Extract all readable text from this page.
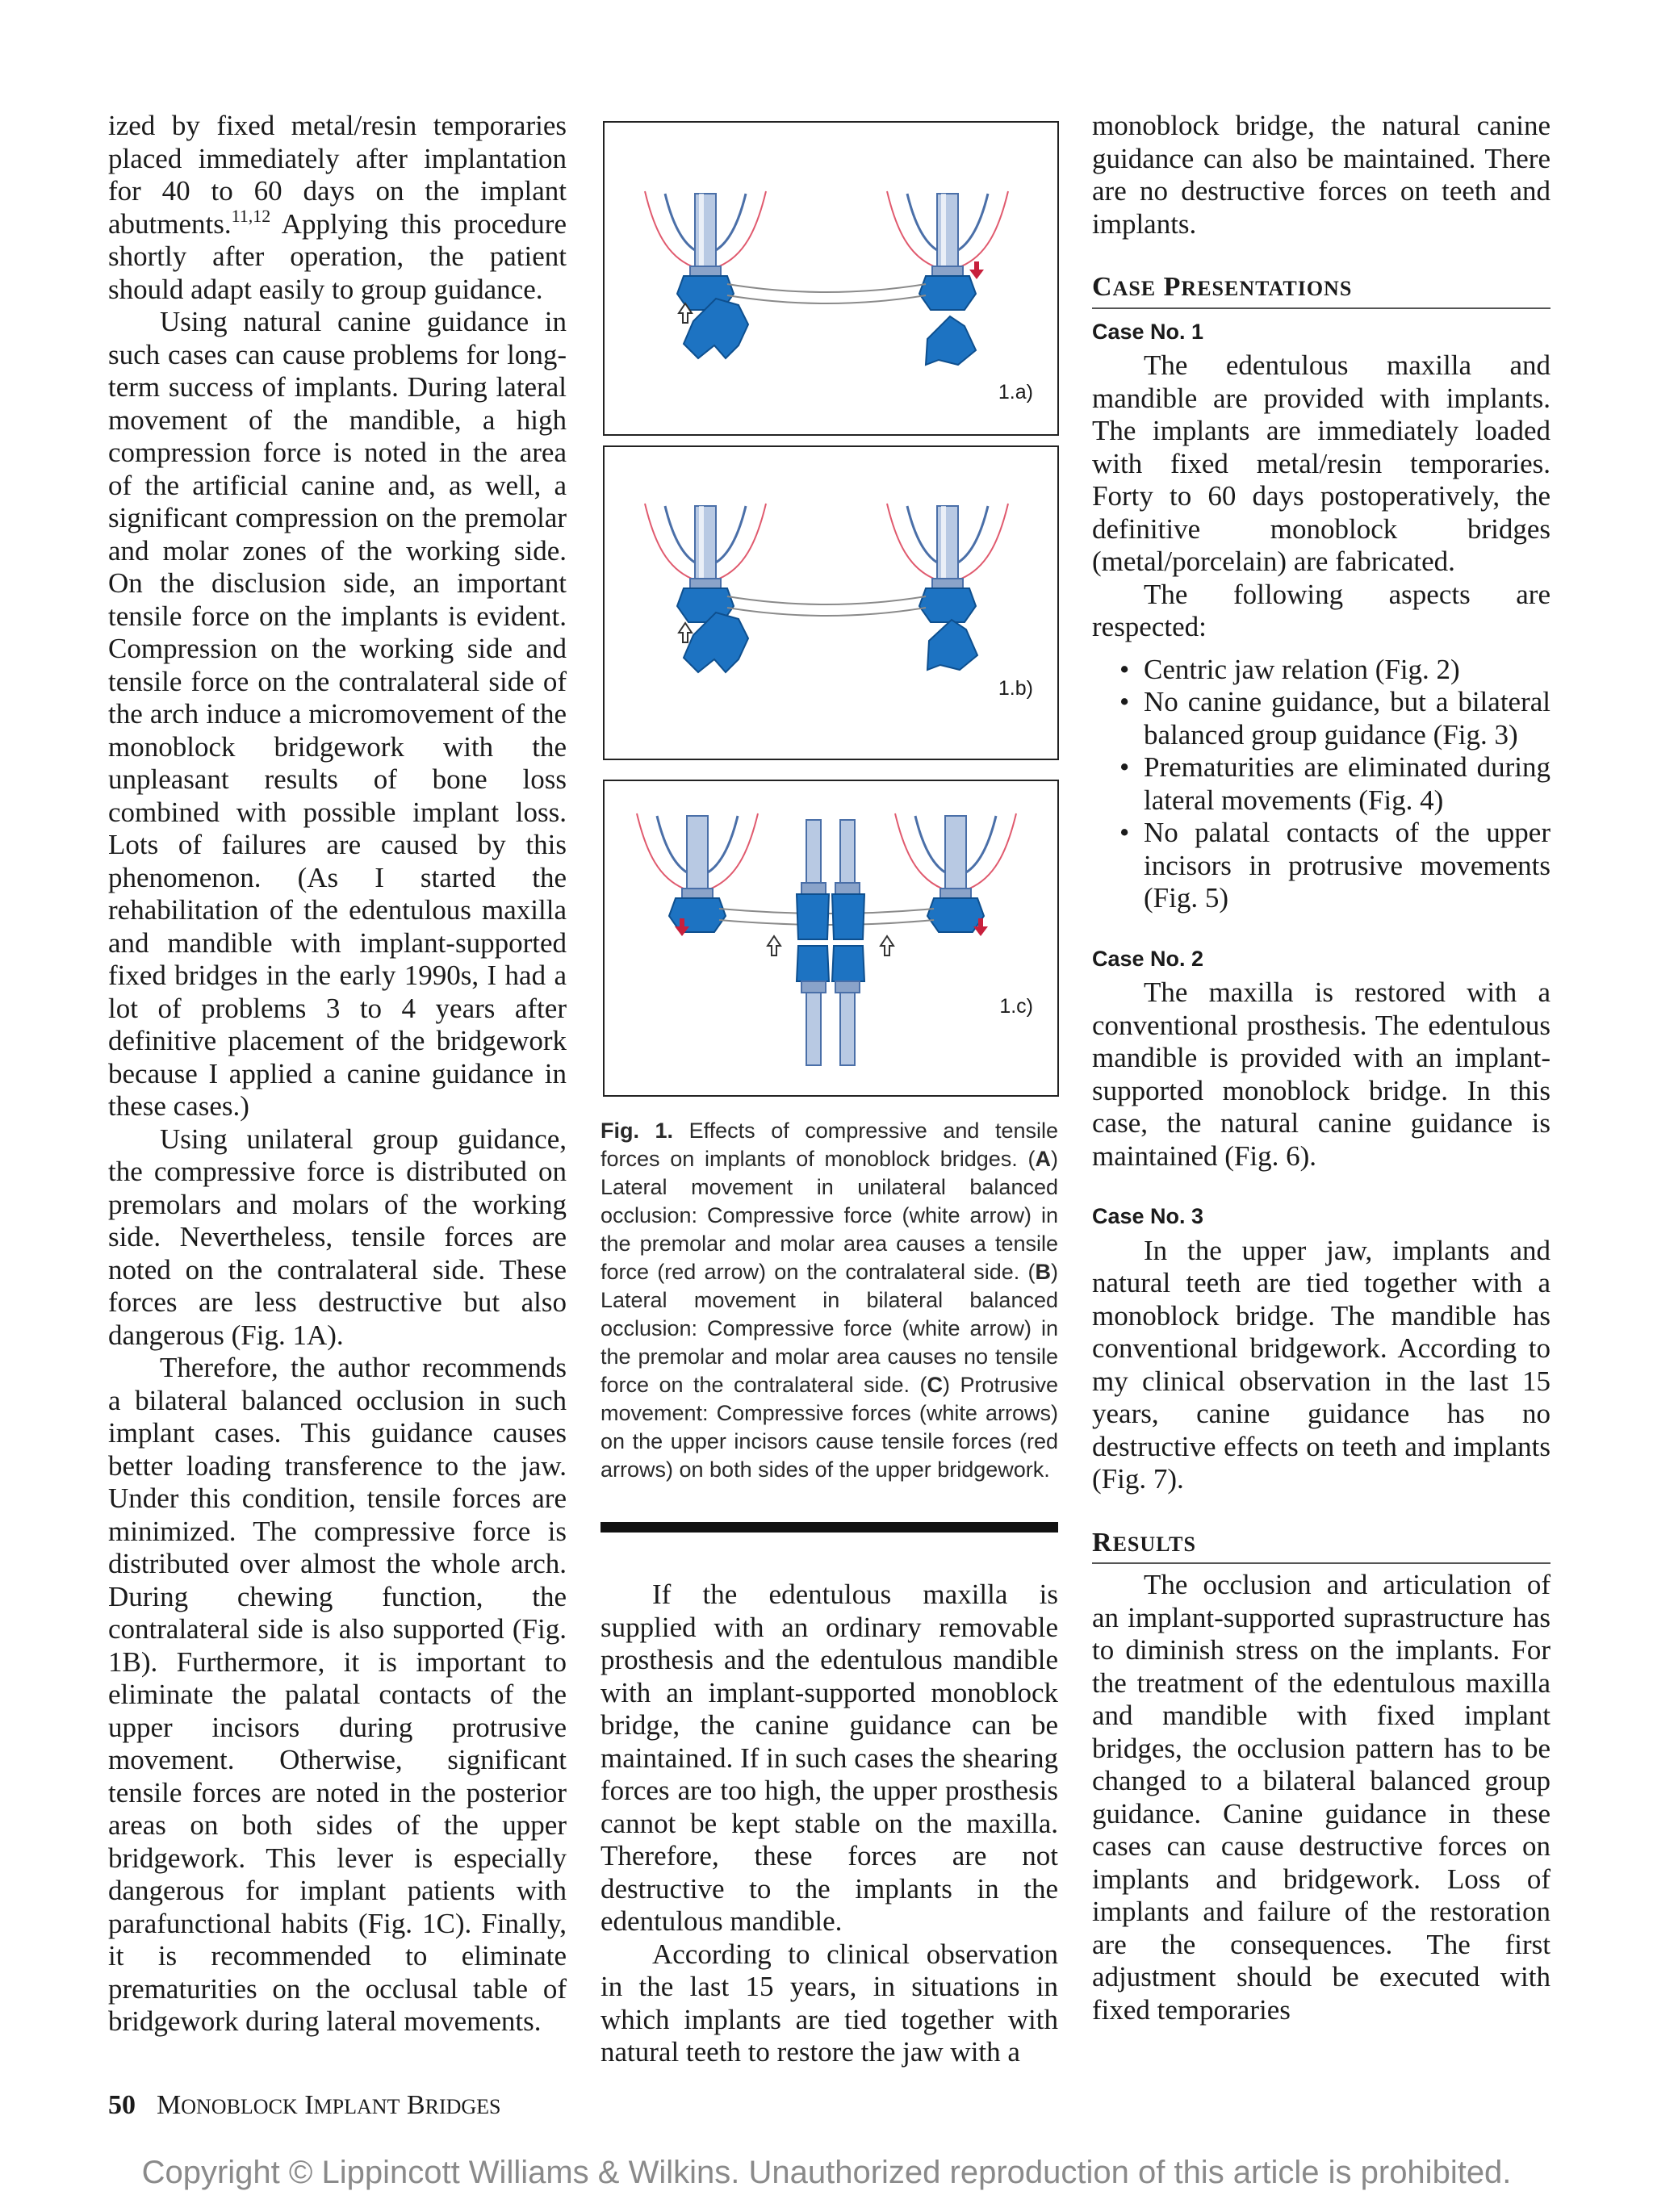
ized by fixed metal/resin temporaries placed immediately after implantation for 40 to 60 days on the implant abutments.$^{11,12}$ Applying this procedure shortly after operation, the patient should adapt easily to group guidance.

Using natural canine guidance in such cases can cause problems for long-term success of implants. During lateral movement of the mandible, a high compression force is noted in the area of the artificial canine and, as well, a significant compression on the premolar and molar zones of the working side. On the disclusion side, an important tensile force on the implants is evident. Compression on the working side and tensile force on the contralateral side of the arch induce a micromovement of the monoblock bridgework with the unpleasant results of bone loss combined with possible implant loss. Lots of failures are caused by this phenomenon. (As I started the rehabilitation of the edentulous maxilla and mandible with implant-supported fixed bridges in the early 1990s, I had a lot of problems 3 to 4 years after definitive placement of the bridgework because I applied a canine guidance in these cases.)

Using unilateral group guidance, the compressive force is distributed on premolars and molars of the working side. Nevertheless, tensile forces are noted on the contralateral side. These forces are less destructive but also dangerous (Fig. 1A).

Therefore, the author recommends a bilateral balanced occlusion in such implant cases. This guidance causes better loading transference to the jaw. Under this condition, tensile forces are minimized. The compressive force is distributed over almost the whole arch. During chewing function, the contralateral side is also supported (Fig. 1B). Furthermore, it is important to eliminate the palatal contacts of the upper incisors during protrusive movement. Otherwise, significant tensile forces are noted in the posterior areas on both sides of the upper bridgework. This lever is especially dangerous for implant patients with parafunctional habits (Fig. 1C). Finally, it is recommended to eliminate prematurities on the occlusal table of bridgework during lateral movements.

1.a)
1.b)
1.c)
Fig. 1. Effects of compressive and tensile forces on implants of monoblock bridges. (A) Lateral movement in unilateral balanced occlusion: Compressive force (white arrow) in the premolar and molar area causes a tensile force (red arrow) on the contralateral side. (B) Lateral movement in bilateral balanced occlusion: Compressive force (white arrow) in the premolar and molar area causes no tensile force on the contralateral side. (C) Protrusive movement: Compressive forces (white arrows) on the upper incisors cause tensile forces (red arrows) on both sides of the upper bridgework.

If the edentulous maxilla is supplied with an ordinary removable prosthesis and the edentulous mandible with an implant-supported monoblock bridge, the canine guidance can be maintained. If in such cases the shearing forces are too high, the upper prosthesis cannot be kept stable on the maxilla. Therefore, these forces are not destructive to the implants in the edentulous mandible.

According to clinical observation in the last 15 years, in situations in which implants are tied together with natural teeth to restore the jaw with a

monoblock bridge, the natural canine guidance can also be maintained. There are no destructive forces on teeth and implants.

CASE PRESENTATIONS

Case No. 1

The edentulous maxilla and mandible are provided with implants. The implants are immediately loaded with fixed metal/resin temporaries. Forty to 60 days postoperatively, the definitive monoblock bridges (metal/porcelain) are fabricated.

The following aspects are respected:

• Centric jaw relation (Fig. 2)
• No canine guidance, but a bilateral balanced group guidance (Fig. 3)
• Prematurities are eliminated during lateral movements (Fig. 4)
• No palatal contacts of the upper incisors in protrusive movements (Fig. 5)

Case No. 2

The maxilla is restored with a conventional prosthesis. The edentulous mandible is provided with an implant-supported monoblock bridge. In this case, the natural canine guidance is maintained (Fig. 6).

Case No. 3

In the upper jaw, implants and natural teeth are tied together with a monoblock bridge. The mandible has conventional bridgework. According to my clinical observation in the last 15 years, canine guidance has no destructive effects on teeth and implants (Fig. 7).

RESULTS

The occlusion and articulation of an implant-supported suprastructure has to diminish stress on the implants. For the treatment of the edentulous maxilla and mandible with fixed implant bridges, the occlusion pattern has to be changed to a bilateral balanced group guidance. Canine guidance in these cases can cause destructive forces on implants and bridgework. Loss of implants and failure of the restoration are the consequences. The first adjustment should be executed with fixed temporaries

50 MONOBLOCK IMPLANT BRIDGES
Copyright © Lippincott Williams & Wilkins. Unauthorized reproduction of this article is prohibited.
